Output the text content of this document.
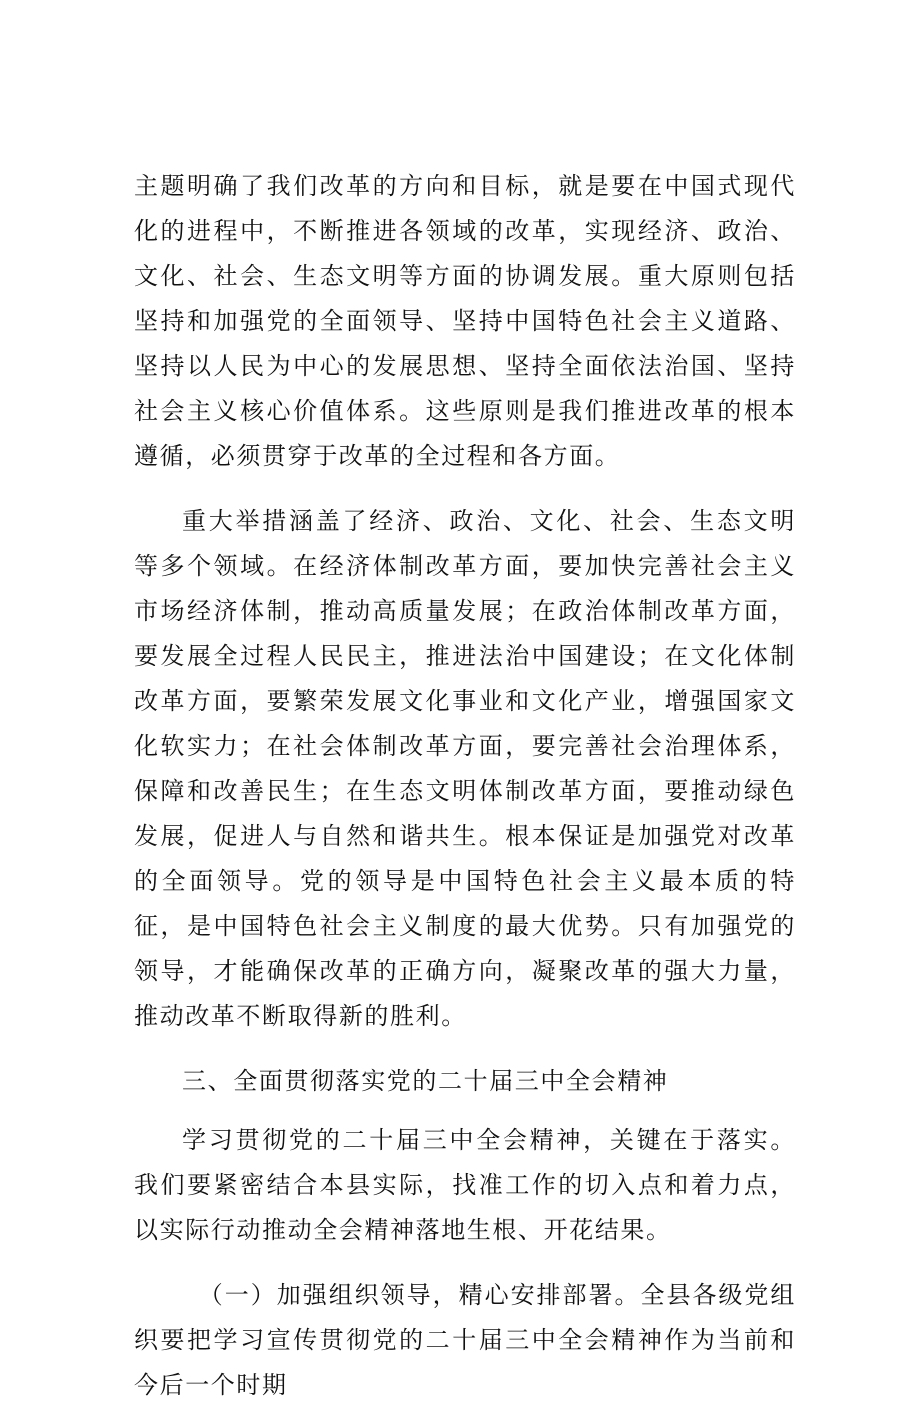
主题明确了我们改革的方向和目标，就是要在中国式现代化的进程中，不断推进各领域的改革，实现经济、政治、文化、社会、生态文明等方面的协调发展。重大原则包括坚持和加强党的全面领导、坚持中国特色社会主义道路、坚持以人民为中心的发展思想、坚持全面依法治国、坚持社会主义核心价值体系。这些原则是我们推进改革的根本遵循，必须贯穿于改革的全过程和各方面。

重大举措涵盖了经济、政治、文化、社会、生态文明等多个领域。在经济体制改革方面，要加快完善社会主义市场经济体制，推动高质量发展；在政治体制改革方面，要发展全过程人民民主，推进法治中国建设；在文化体制改革方面，要繁荣发展文化事业和文化产业，增强国家文化软实力；在社会体制改革方面，要完善社会治理体系，保障和改善民生；在生态文明体制改革方面，要推动绿色发展，促进人与自然和谐共生。根本保证是加强党对改革的全面领导。党的领导是中国特色社会主义最本质的特征，是中国特色社会主义制度的最大优势。只有加强党的领导，才能确保改革的正确方向，凝聚改革的强大力量，推动改革不断取得新的胜利。

三、全面贯彻落实党的二十届三中全会精神

学习贯彻党的二十届三中全会精神，关键在于落实。我们要紧密结合本县实际，找准工作的切入点和着力点，以实际行动推动全会精神落地生根、开花结果。

（一）加强组织领导，精心安排部署。全县各级党组织要把学习宣传贯彻党的二十届三中全会精神作为当前和今后一个时期
